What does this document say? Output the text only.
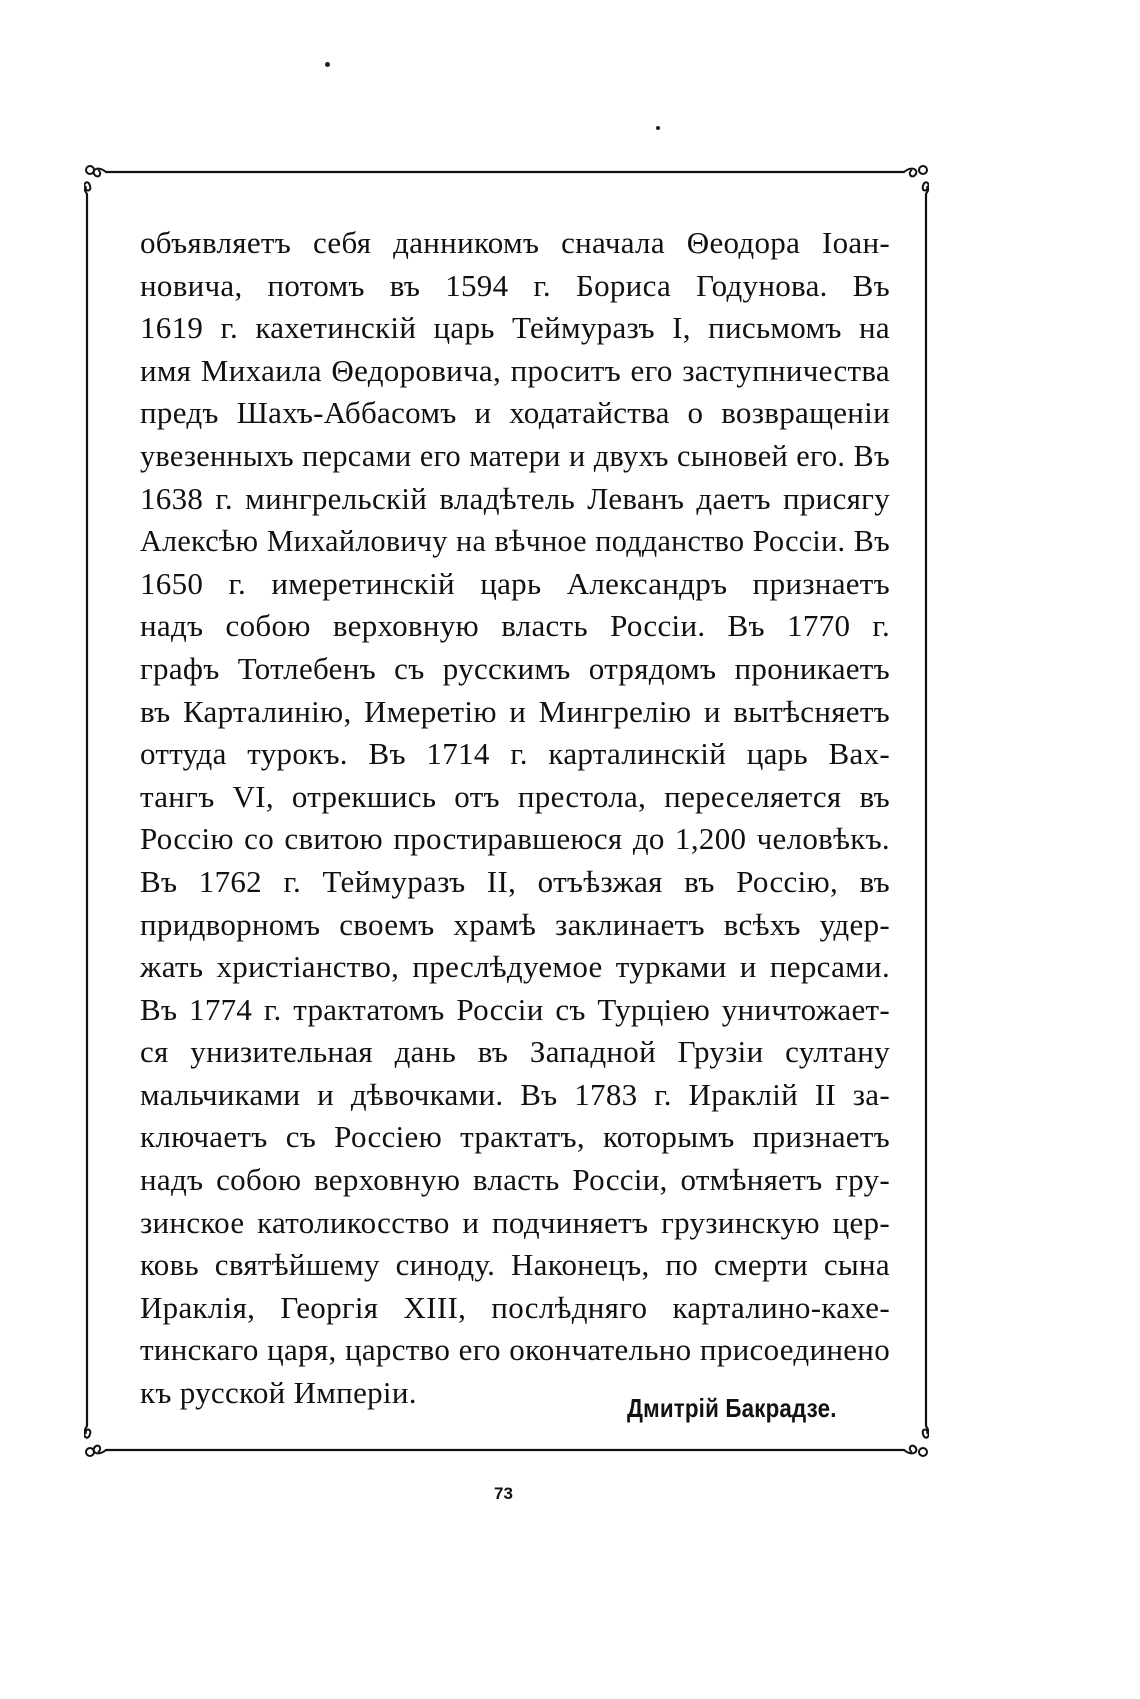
объявляетъ себя данникомъ сначала Θеодора Іоан-
новича, потомъ въ 1594 г. Бориса Годунова. Въ
1619 г. кахетинскій царь Теймуразъ I, письмомъ на
имя Михаила Θедоровича, проситъ его заступничества
предъ Шахъ-Аббасомъ и ходатайства о возвращеніи
увезенныхъ персами его матери и двухъ сыновей его. Въ
1638 г. мингрельскій владѣтель Леванъ даетъ присягу
Алексѣю Михайловичу на вѣчное подданство Россіи. Въ
1650 г. имеретинскій царь Александръ признаетъ
надъ собою верховную власть Россіи. Въ 1770 г.
графъ Тотлебенъ съ русскимъ отрядомъ проникаетъ
въ Карталинію, Имеретію и Мингрелію и вытѣсняетъ
оттуда турокъ. Въ 1714 г. карталинскій царь Вах-
тангъ VI, отрекшись отъ престола, переселяется въ
Россію со свитою простиравшеюся до 1,200 человѣкъ.
Въ 1762 г. Теймуразъ II, отъѣзжая въ Россію, въ
придворномъ своемъ храмѣ заклинаетъ всѣхъ удер-
жать христіанство, преслѣдуемое турками и персами.
Въ 1774 г. трактатомъ Россіи съ Турціею уничтожает-
ся унизительная дань въ Западной Грузіи султану
мальчиками и дѣвочками. Въ 1783 г. Ираклій II за-
ключаетъ съ Россіею трактатъ, которымъ признаетъ
надъ собою верховную власть Россіи, отмѣняетъ гру-
зинское католикосство и подчиняетъ грузинскую цер-
ковь святѣйшему синоду. Наконецъ, по смерти сына
Ираклія, Георгія XIII, послѣдняго карталино-кахе-
тинскаго царя, царство его окончательно присоединено
къ русской Имперіи.	Дмитрій Бакрадзе.
73
